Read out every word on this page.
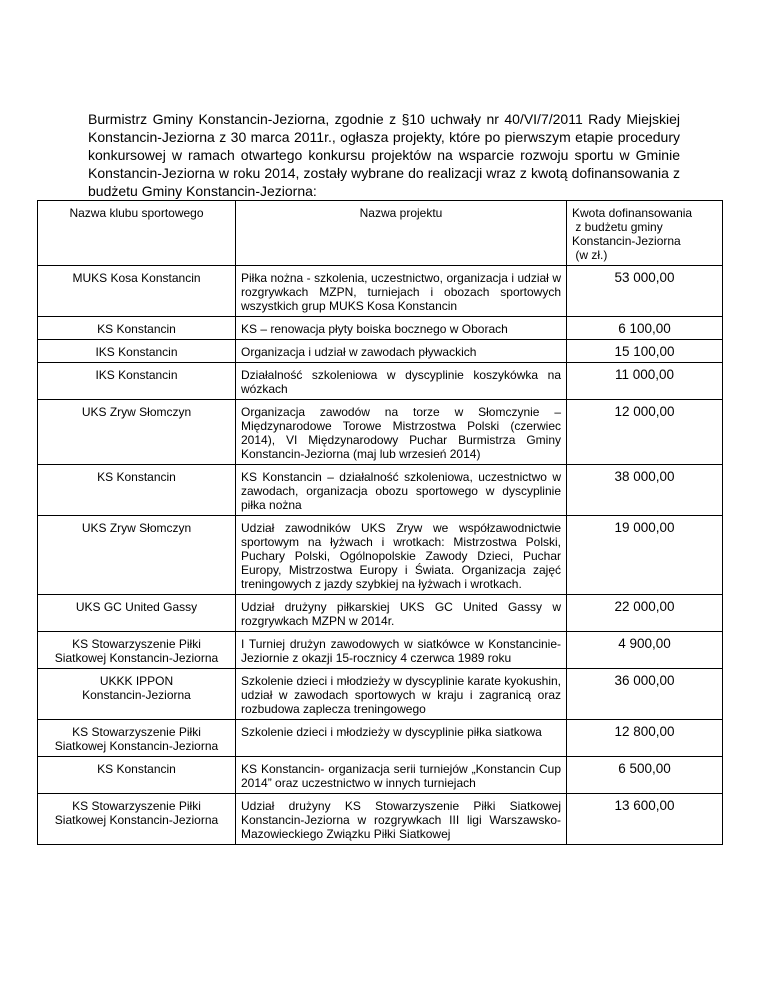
Burmistrz Gminy Konstancin-Jeziorna, zgodnie z §10 uchwały nr 40/VI/7/2011 Rady Miejskiej Konstancin-Jeziorna z 30 marca 2011r., ogłasza projekty, które po pierwszym etapie procedury konkursowej w ramach otwartego konkursu projektów na wsparcie rozwoju sportu w Gminie Konstancin-Jeziorna w roku 2014, zostały wybrane do realizacji wraz z kwotą dofinansowania z budżetu Gminy Konstancin-Jeziorna:

Nazwa klubu sportowego	Nazwa projektu	Kwota dofinansowania
z budżetu gminy
Konstancin-Jeziorna
(w zł.)

MUKS Kosa Konstancin	Piłka nożna - szkolenia, uczestnictwo, organizacja i udział w rozgrywkach MZPN, turniejach i obozach sportowych wszystkich grup MUKS Kosa Konstancin	53 000,00

KS Konstancin	KS – renowacja płyty boiska bocznego w Oborach	6 100,00

IKS Konstancin	Organizacja i udział w zawodach pływackich	15 100,00

IKS Konstancin	Działalność szkoleniowa w dyscyplinie koszykówka na wózkach	11 000,00

UKS Zryw Słomczyn	Organizacja zawodów na torze w Słomczynie – Międzynarodowe Torowe Mistrzostwa Polski (czerwiec 2014), VI Międzynarodowy Puchar Burmistrza Gminy Konstancin-Jeziorna (maj lub wrzesień 2014)	12 000,00

KS Konstancin	KS Konstancin – działalność szkoleniowa, uczestnictwo w zawodach, organizacja obozu sportowego w dyscyplinie piłka nożna	38 000,00

UKS Zryw Słomczyn	Udział zawodników UKS Zryw we współzawodnictwie sportowym na łyżwach i wrotkach: Mistrzostwa Polski, Puchary Polski, Ogólnopolskie Zawody Dzieci, Puchar Europy, Mistrzostwa Europy i Świata. Organizacja zajęć treningowych z jazdy szybkiej na łyżwach i wrotkach.	19 000,00

UKS GC United Gassy	Udział drużyny piłkarskiej UKS GC United Gassy w rozgrywkach MZPN w 2014r.	22 000,00

KS Stowarzyszenie Piłki
Siatkowej Konstancin-Jeziorna	I Turniej drużyn zawodowych w siatkówce w Konstancinie-Jeziornie z okazji 15-rocznicy 4 czerwca 1989 roku	4 900,00

UKKK IPPON
Konstancin-Jeziorna	Szkolenie dzieci i młodzieży w dyscyplinie karate kyokushin, udział w zawodach sportowych w kraju i zagranicą oraz rozbudowa zaplecza treningowego	36 000,00

KS Stowarzyszenie Piłki
Siatkowej Konstancin-Jeziorna	Szkolenie dzieci i młodzieży w dyscyplinie piłka siatkowa	12 800,00

KS Konstancin	KS Konstancin- organizacja serii turniejów „Konstancin Cup 2014” oraz uczestnictwo w innych turniejach	6 500,00

KS Stowarzyszenie Piłki
Siatkowej Konstancin-Jeziorna	Udział drużyny KS Stowarzyszenie Piłki Siatkowej Konstancin-Jeziorna w rozgrywkach III ligi Warszawsko-Mazowieckiego Związku Piłki Siatkowej	13 600,00
